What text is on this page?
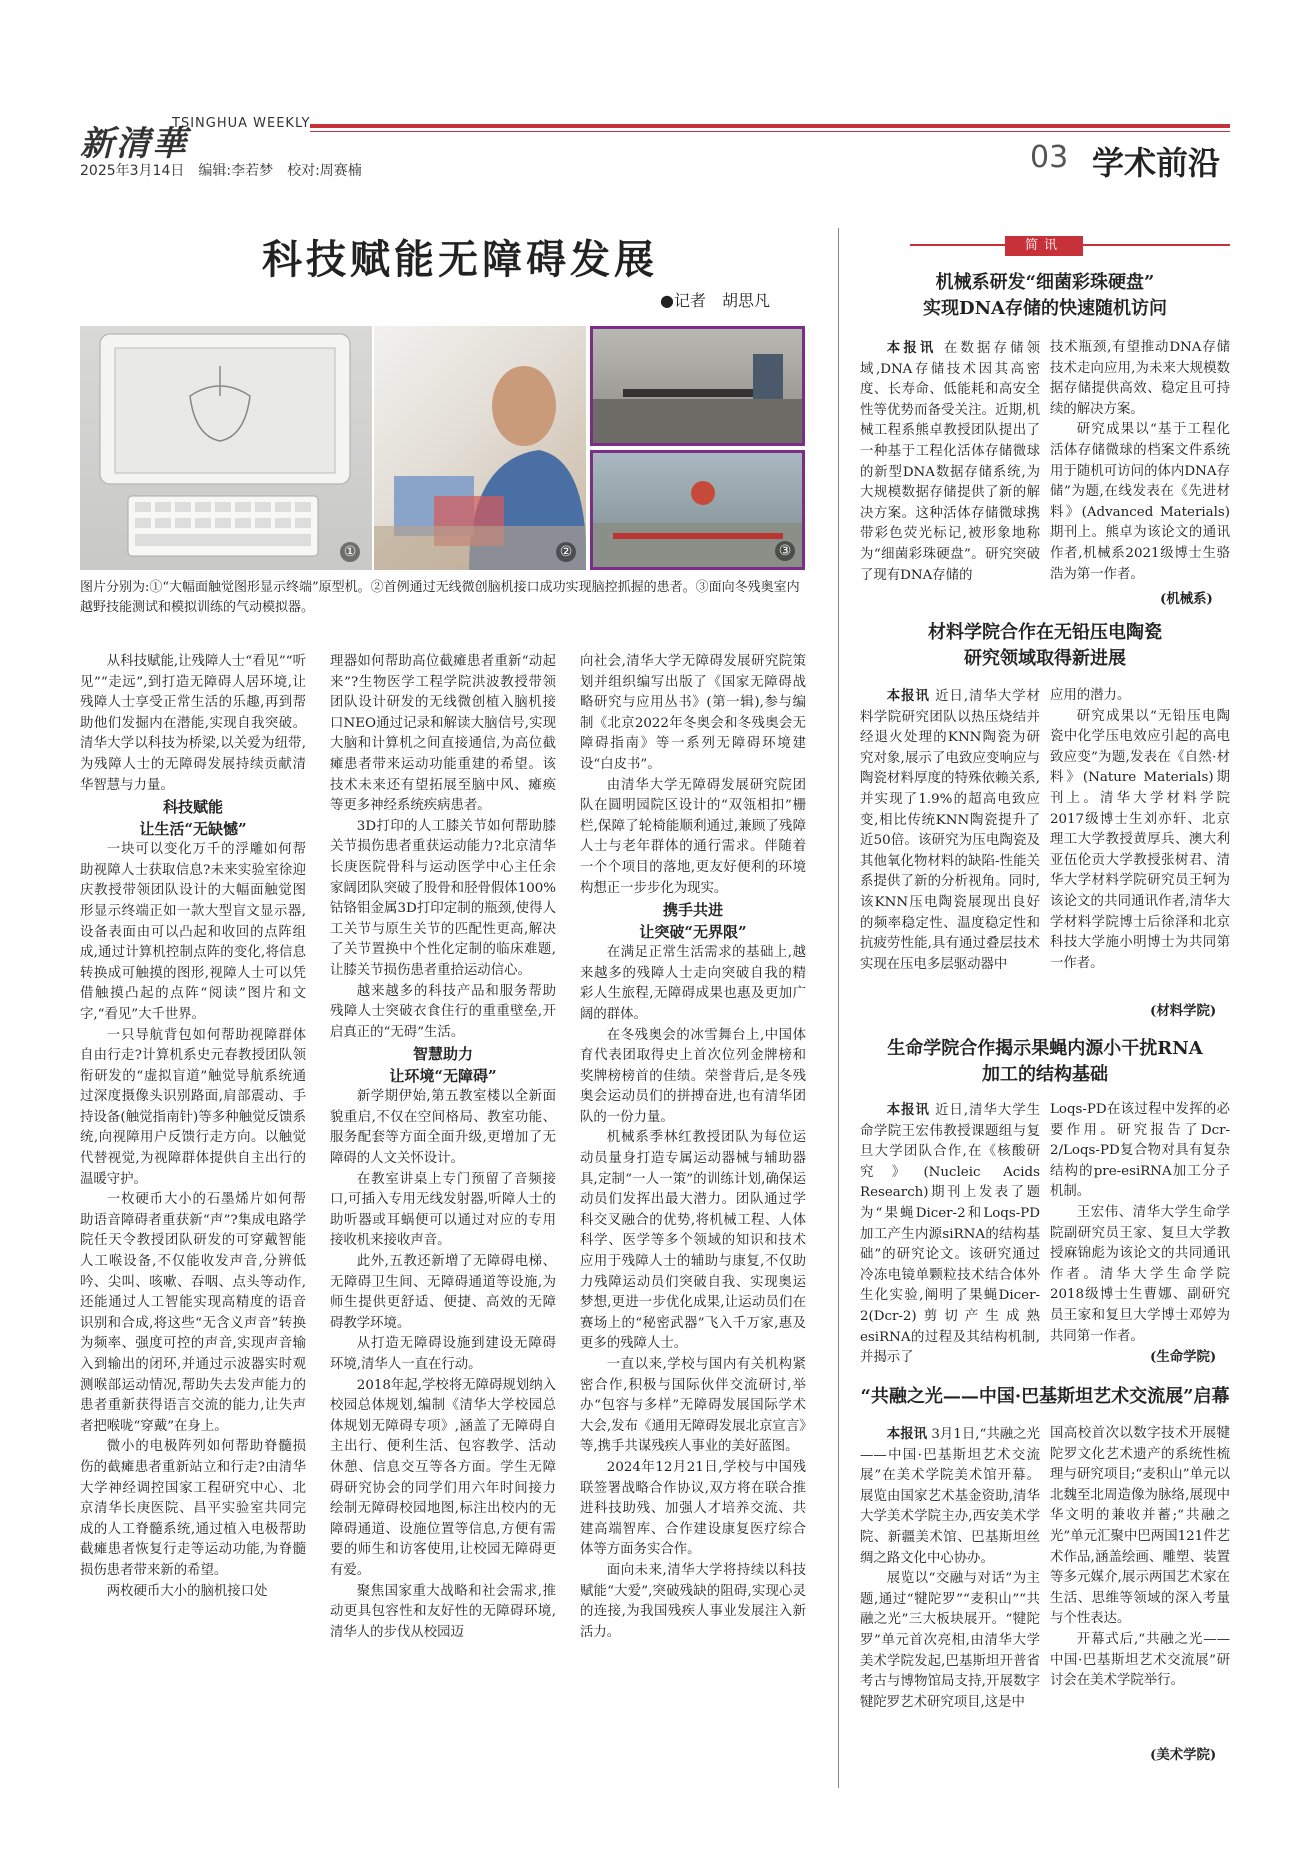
新清華
TSINGHUA WEEKLY
2025年3月14日　编辑:李若梦　校对:周赛楠	03 学术前沿
科技赋能无障碍发展
●记者　胡思凡
①	②	③
图片分别为:①“大幅面触觉图形显示终端”原型机。②首例通过无线微创脑机接口成功实现脑控抓握的患者。③面向冬残奥室内越野技能测试和模拟训练的气动模拟器。

从科技赋能,让残障人士“看见”“听见”“走远”,到打造无障碍人居环境,让残障人士享受正常生活的乐趣,再到帮助他们发掘内在潜能,实现自我突破。清华大学以科技为桥梁,以关爱为纽带,为残障人士的无障碍发展持续贡献清华智慧与力量。

科技赋能
让生活“无缺憾”

一块可以变化万千的浮雕如何帮助视障人士获取信息?未来实验室徐迎庆教授带领团队设计的大幅面触觉图形显示终端正如一款大型盲文显示器,设备表面由可以凸起和收回的点阵组成,通过计算机控制点阵的变化,将信息转换成可触摸的图形,视障人士可以凭借触摸凸起的点阵“阅读”图片和文字,“看见”大千世界。

一只导航背包如何帮助视障群体自由行走?计算机系史元春教授团队领衔研发的“虚拟盲道”触觉导航系统通过深度摄像头识别路面,肩部震动、手持设备(触觉指南针)等多种触觉反馈系统,向视障用户反馈行走方向。以触觉代替视觉,为视障群体提供自主出行的温暖守护。

一枚硬币大小的石墨烯片如何帮助语音障碍者重获新“声”?集成电路学院任天令教授团队研发的可穿戴智能人工喉设备,不仅能收发声音,分辨低吟、尖叫、咳嗽、吞咽、点头等动作,还能通过人工智能实现高精度的语音识别和合成,将这些“无含义声音”转换为频率、强度可控的声音,实现声音输入到输出的闭环,并通过示波器实时观测喉部运动情况,帮助失去发声能力的患者重新获得语言交流的能力,让失声者把喉咙“穿戴”在身上。

微小的电极阵列如何帮助脊髓损伤的截瘫患者重新站立和行走?由清华大学神经调控国家工程研究中心、北京清华长庚医院、昌平实验室共同完成的人工脊髓系统,通过植入电极帮助截瘫患者恢复行走等运动功能,为脊髓损伤患者带来新的希望。

两枚硬币大小的脑机接口处

理器如何帮助高位截瘫患者重新“动起来”?生物医学工程学院洪波教授带领团队设计研发的无线微创植入脑机接口NEO通过记录和解读大脑信号,实现大脑和计算机之间直接通信,为高位截瘫患者带来运动功能重建的希望。该技术未来还有望拓展至脑中风、瘫痪等更多神经系统疾病患者。

3D打印的人工膝关节如何帮助膝关节损伤患者重获运动能力?北京清华长庚医院骨科与运动医学中心主任余家阔团队突破了股骨和胫骨假体100%钴铬钼金属3D打印定制的瓶颈,使得人工关节与原生关节的匹配性更高,解决了关节置换中个性化定制的临床难题,让膝关节损伤患者重拾运动信心。

越来越多的科技产品和服务帮助残障人士突破衣食住行的重重壁垒,开启真正的“无碍”生活。

智慧助力
让环境“无障碍”

新学期伊始,第五教室楼以全新面貌重启,不仅在空间格局、教室功能、服务配套等方面全面升级,更增加了无障碍的人文关怀设计。

在教室讲桌上专门预留了音频接口,可插入专用无线发射器,听障人士的助听器或耳蜗便可以通过对应的专用接收机来接收声音。

此外,五教还新增了无障碍电梯、无障碍卫生间、无障碍通道等设施,为师生提供更舒适、便捷、高效的无障碍教学环境。

从打造无障碍设施到建设无障碍环境,清华人一直在行动。

2018年起,学校将无障碍规划纳入校园总体规划,编制《清华大学校园总体规划无障碍专项》,涵盖了无障碍自主出行、便利生活、包容教学、活动休憩、信息交互等各方面。学生无障碍研究协会的同学们用六年时间接力绘制无障碍校园地图,标注出校内的无障碍通道、设施位置等信息,方便有需要的师生和访客使用,让校园无障碍更有爱。

聚焦国家重大战略和社会需求,推动更具包容性和友好性的无障碍环境,清华人的步伐从校园迈

向社会,清华大学无障碍发展研究院策划并组织编写出版了《国家无障碍战略研究与应用丛书》(第一辑),参与编制《北京2022年冬奥会和冬残奥会无障碍指南》等一系列无障碍环境建设“白皮书”。

由清华大学无障碍发展研究院团队在圆明园院区设计的“双瓴相扣”栅栏,保障了轮椅能顺利通过,兼顾了残障人士与老年群体的通行需求。伴随着一个个项目的落地,更友好便利的环境构想正一步步化为现实。

携手共进
让突破“无界限”

在满足正常生活需求的基础上,越来越多的残障人士走向突破自我的精彩人生旅程,无障碍成果也惠及更加广阔的群体。

在冬残奥会的冰雪舞台上,中国体育代表团取得史上首次位列金牌榜和奖牌榜榜首的佳绩。荣誉背后,是冬残奥会运动员们的拼搏奋进,也有清华团队的一份力量。

机械系季林红教授团队为每位运动员量身打造专属运动器械与辅助器具,定制“一人一策”的训练计划,确保运动员们发挥出最大潜力。团队通过学科交叉融合的优势,将机械工程、人体科学、医学等多个领域的知识和技术应用于残障人士的辅助与康复,不仅助力残障运动员们突破自我、实现奥运梦想,更进一步优化成果,让运动员们在赛场上的“秘密武器”飞入千万家,惠及更多的残障人士。

一直以来,学校与国内有关机构紧密合作,积极与国际伙伴交流研讨,举办“包容与多样”无障碍发展国际学术大会,发布《通用无障碍发展北京宣言》等,携手共谋残疾人事业的美好蓝图。

2024年12月21日,学校与中国残联签署战略合作协议,双方将在联合推进科技助残、加强人才培养交流、共建高端智库、合作建设康复医疗综合体等方面务实合作。

面向未来,清华大学将持续以科技赋能“大爱”,突破残缺的阻碍,实现心灵的连接,为我国残疾人事业发展注入新活力。

简讯
机械系研发“细菌彩珠硬盘”
实现DNA存储的快速随机访问

本报讯 在数据存储领域,DNA存储技术因其高密度、长寿命、低能耗和高安全性等优势而备受关注。近期,机械工程系熊卓教授团队提出了一种基于工程化活体存储微球的新型DNA数据存储系统,为大规模数据存储提供了新的解决方案。这种活体存储微球携带彩色荧光标记,被形象地称为“细菌彩珠硬盘”。研究突破了现有DNA存储的

技术瓶颈,有望推动DNA存储技术走向应用,为未来大规模数据存储提供高效、稳定且可持续的解决方案。

研究成果以“基于工程化活体存储微球的档案文件系统用于随机可访问的体内DNA存储”为题,在线发表在《先进材料》(Advanced Materials)期刊上。熊卓为该论文的通讯作者,机械系2021级博士生骆浩为第一作者。

(机械系)
材料学院合作在无铅压电陶瓷
研究领域取得新进展

本报讯 近日,清华大学材料学院研究团队以热压烧结并经退火处理的KNN陶瓷为研究对象,展示了电致应变响应与陶瓷材料厚度的特殊依赖关系,并实现了1.9%的超高电致应变,相比传统KNN陶瓷提升了近50倍。该研究为压电陶瓷及其他氧化物材料的缺陷-性能关系提供了新的分析视角。同时,该KNN压电陶瓷展现出良好的频率稳定性、温度稳定性和抗疲劳性能,具有通过叠层技术实现在压电多层驱动器中

应用的潜力。

研究成果以“无铅压电陶瓷中化学压电效应引起的高电致应变”为题,发表在《自然·材料》(Nature Materials)期刊上。清华大学材料学院2017级博士生刘亦轩、北京理工大学教授黄厚兵、澳大利亚伍伦贡大学教授张树君、清华大学材料学院研究员王轲为该论文的共同通讯作者,清华大学材料学院博士后徐泽和北京科技大学施小明博士为共同第一作者。

(材料学院)
生命学院合作揭示果蝇内源小干扰RNA
加工的结构基础

本报讯 近日,清华大学生命学院王宏伟教授课题组与复旦大学团队合作,在《核酸研究》(Nucleic Acids Research)期刊上发表了题为“果蝇Dicer-2和Loqs-PD加工产生内源siRNA的结构基础”的研究论文。该研究通过冷冻电镜单颗粒技术结合体外生化实验,阐明了果蝇Dicer-2(Dcr-2)剪切产生成熟esiRNA的过程及其结构机制,并揭示了

Loqs-PD在该过程中发挥的必要作用。研究报告了Dcr-2/Loqs-PD复合物对具有复杂结构的pre-esiRNA加工分子机制。

王宏伟、清华大学生命学院副研究员王家、复旦大学教授麻锦彪为该论文的共同通讯作者。清华大学生命学院2018级博士生曹娜、副研究员王家和复旦大学博士邓婷为共同第一作者。

(生命学院)
“共融之光——中国·巴基斯坦艺术交流展”启幕

本报讯 3月1日,“共融之光——中国·巴基斯坦艺术交流展”在美术学院美术馆开幕。展览由国家艺术基金资助,清华大学美术学院主办,西安美术学院、新疆美术馆、巴基斯坦丝绸之路文化中心协办。

展览以“交融与对话”为主题,通过“犍陀罗”“麦积山”“共融之光”三大板块展开。“犍陀罗”单元首次亮相,由清华大学美术学院发起,巴基斯坦开普省考古与博物馆局支持,开展数字犍陀罗艺术研究项目,这是中

国高校首次以数字技术开展犍陀罗文化艺术遗产的系统性梳理与研究项目;“麦积山”单元以北魏至北周造像为脉络,展现中华文明的兼收并蓄;“共融之光”单元汇聚中巴两国121件艺术作品,涵盖绘画、雕塑、装置等多元媒介,展示两国艺术家在生活、思维等领域的深入考量与个性表达。

开幕式后,“共融之光——中国·巴基斯坦艺术交流展”研讨会在美术学院举行。

(美术学院)
